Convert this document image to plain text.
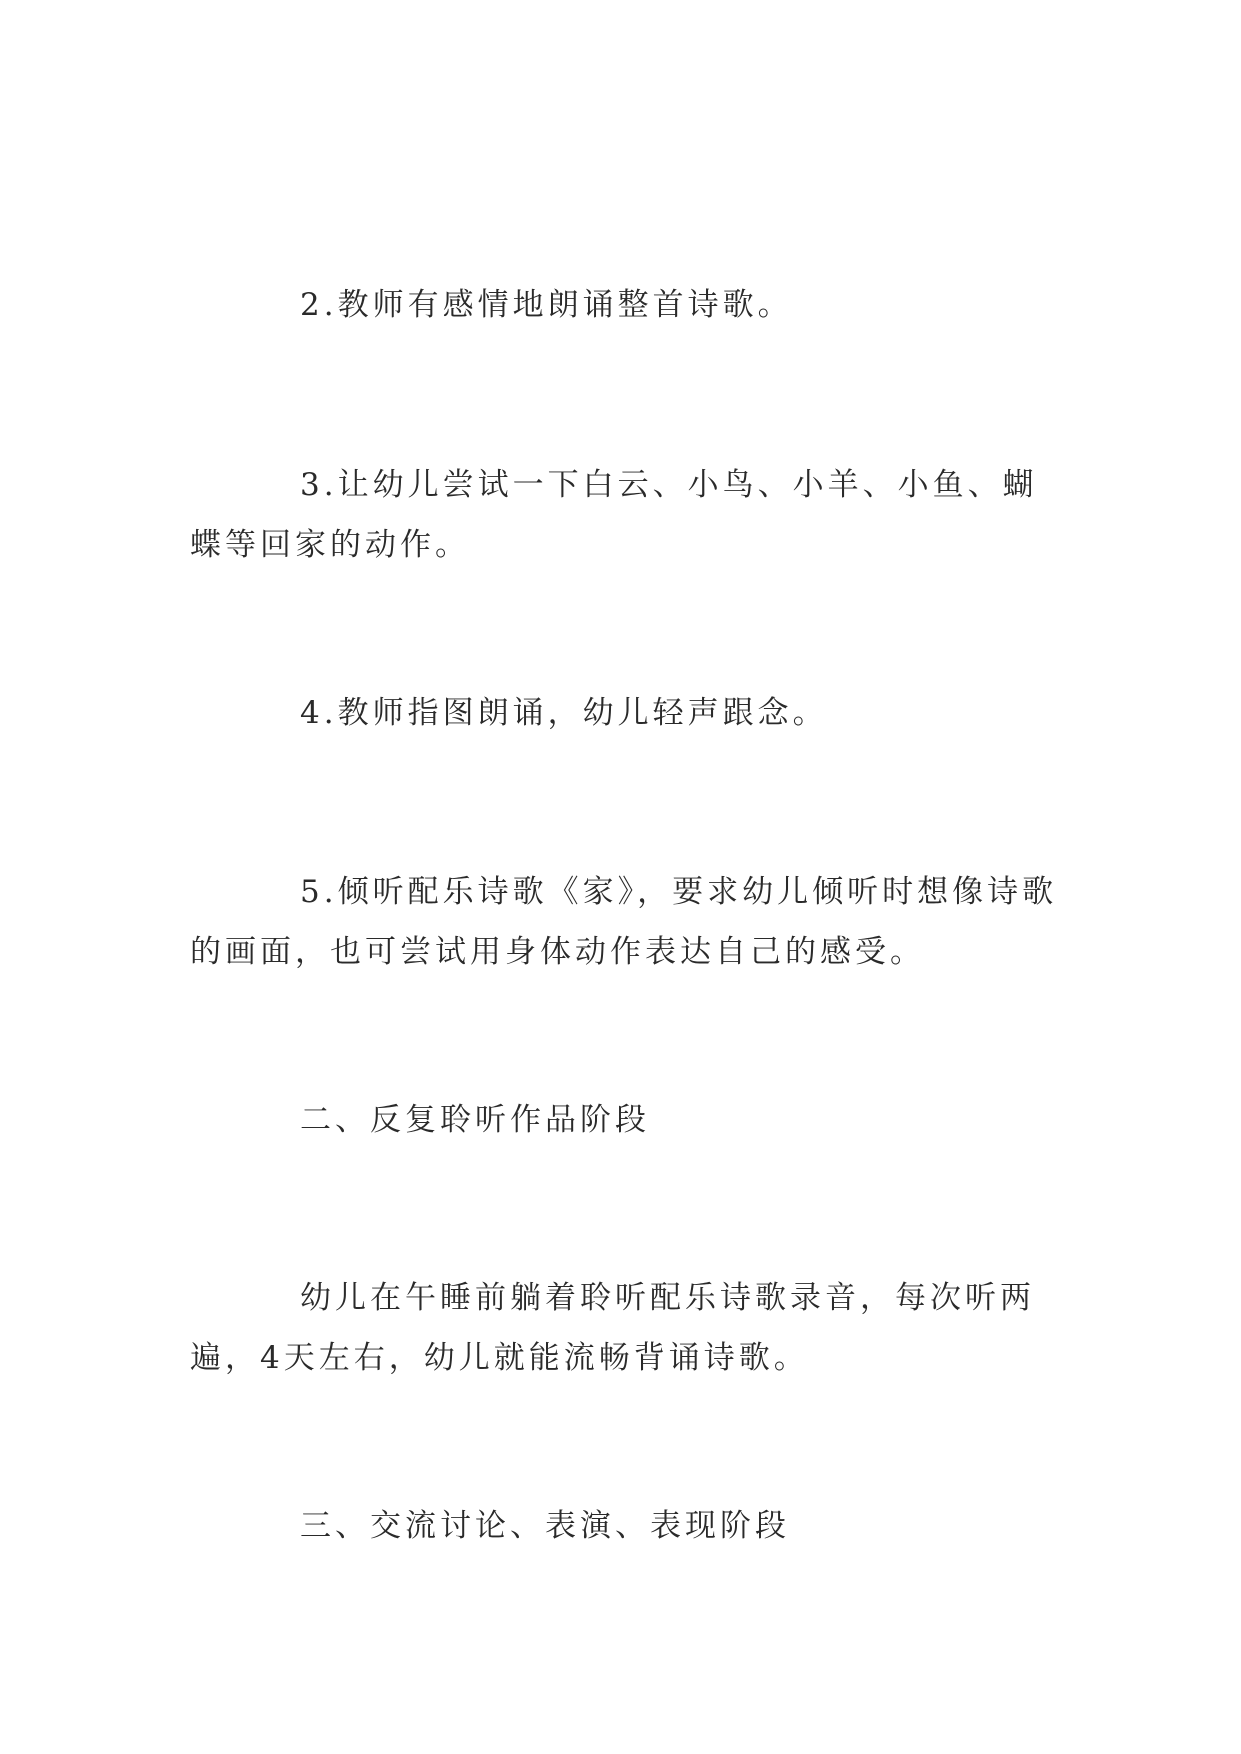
2.教师有感情地朗诵整首诗歌。

3.让幼儿尝试一下白云、小鸟、小羊、小鱼、蝴蝶等回家的动作。

4.教师指图朗诵，幼儿轻声跟念。

5.倾听配乐诗歌《家》，要求幼儿倾听时想像诗歌的画面，也可尝试用身体动作表达自己的感受。

二、反复聆听作品阶段

幼儿在午睡前躺着聆听配乐诗歌录音，每次听两遍，4天左右，幼儿就能流畅背诵诗歌。

三、交流讨论、表演、表现阶段
